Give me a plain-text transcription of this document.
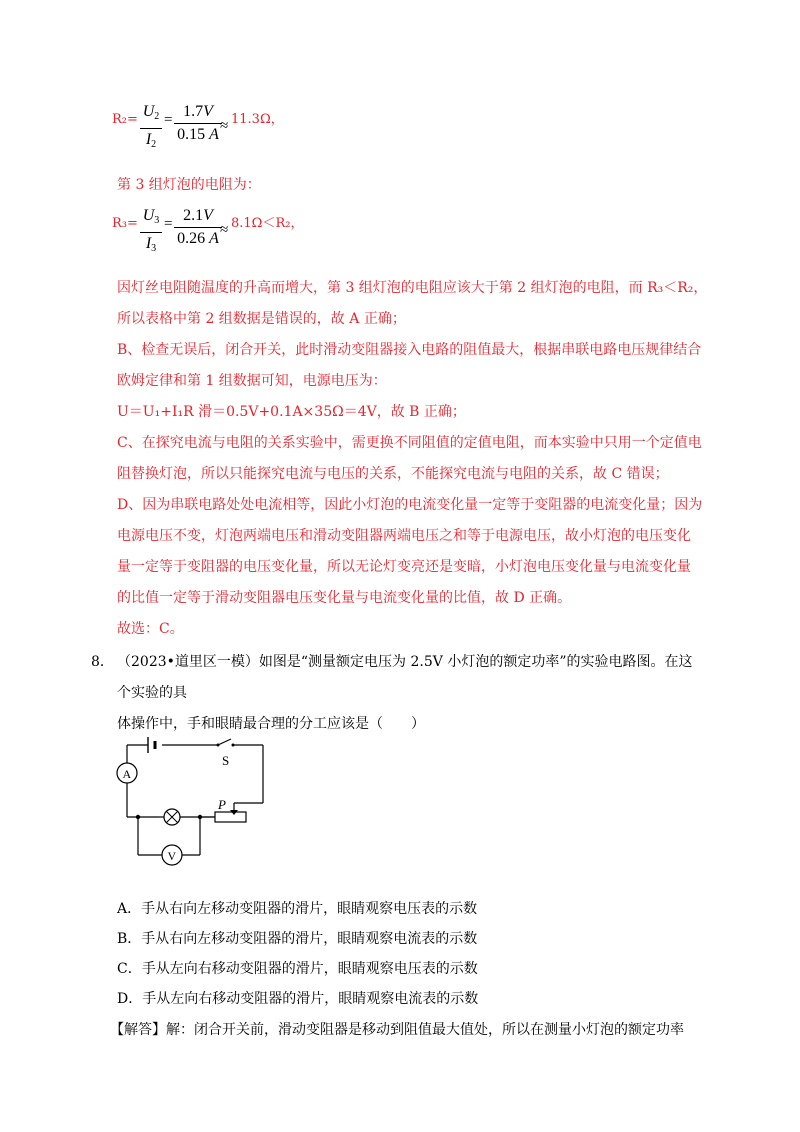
$R_2= U_2$
$I_2$
= 1.7V
0.15 A ≈ 11.3Ω，
第 3 组灯泡的电阻为：
$R_3= U_3$
$I_3$
= 2.1V
0.26 A ≈ 8.1Ω＜R₂，
因灯丝电阻随温度的升高而增大，第 3 组灯泡的电阻应该大于第 2 组灯泡的电阻，而 R₃＜R₂，
所以表格中第 2 组数据是错误的，故 A 正确；
B、检查无误后，闭合开关，此时滑动变阻器接入电路的阻值最大，根据串联电路电压规律结合
欧姆定律和第 1 组数据可知，电源电压为：
U＝U₁+I₁R 滑＝0.5V+0.1A×35Ω＝4V，故 B 正确；
C、在探究电流与电阻的关系实验中，需更换不同阻值的定值电阻，而本实验中只用一个定值电
阻替换灯泡，所以只能探究电流与电压的关系，不能探究电流与电阻的关系，故 C 错误；
D、因为串联电路处处电流相等，因此小灯泡的电流变化量一定等于变阻器的电流变化量；因为
电源电压不变，灯泡两端电压和滑动变阻器两端电压之和等于电源电压，故小灯泡的电压变化
量一定等于变阻器的电压变化量，所以无论灯变亮还是变暗，小灯泡电压变化量与电流变化量
的比值一定等于滑动变阻器电压变化量与电流变化量的比值，故 D 正确。
故选：C。
8． （2023•道里区一模）如图是“测量额定电压为 2.5V 小灯泡的额定功率”的实验电路图。在这
个实验的具
体操作中，手和眼睛最合理的分工应该是（　　）
S
A
P
V
A．手从右向左移动变阻器的滑片，眼睛观察电压表的示数
B．手从右向左移动变阻器的滑片，眼睛观察电流表的示数
C．手从左向右移动变阻器的滑片，眼睛观察电压表的示数
D．手从左向右移动变阻器的滑片，眼睛观察电流表的示数
【解答】解：闭合开关前，滑动变阻器是移动到阻值最大值处，所以在测量小灯泡的额定功率
